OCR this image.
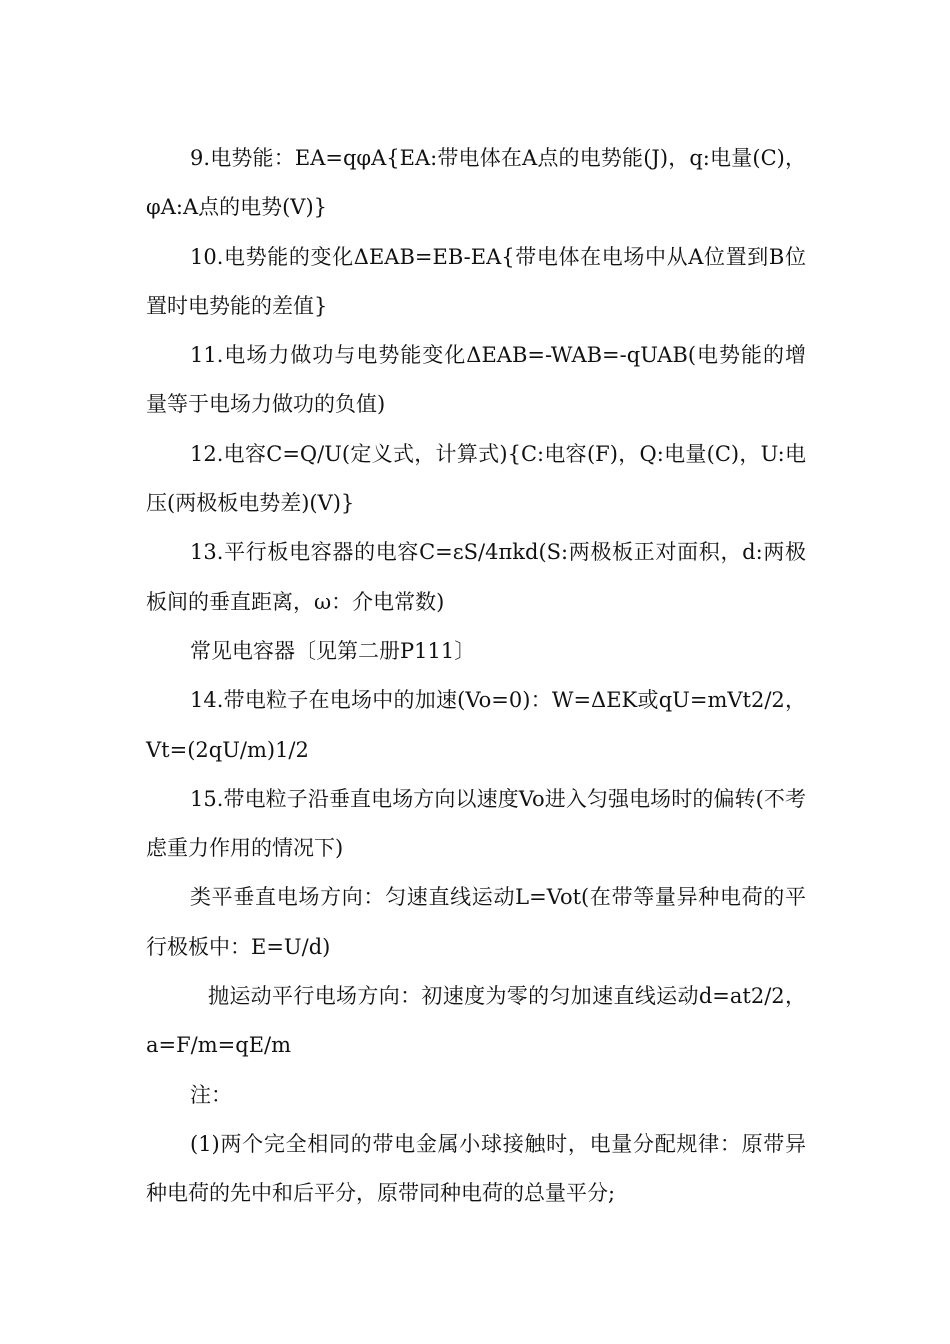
9.电势能：EA=qφA{EA:带电体在A点的电势能(J)，q:电量(C)，φA:A点的电势(V)}

10.电势能的变化ΔEAB=EB-EA{带电体在电场中从A位置到B位置时电势能的差值}

11.电场力做功与电势能变化ΔEAB=-WAB=-qUAB(电势能的增量等于电场力做功的负值)

12.电容C=Q/U(定义式，计算式){C:电容(F)，Q:电量(C)，U:电压(两极板电势差)(V)}

13.平行板电容器的电容C=εS/4πkd(S:两极板正对面积，d:两极板间的垂直距离，ω：介电常数)

常见电容器〔见第二册P111〕

14.带电粒子在电场中的加速(Vo=0)：W=ΔEK或qU=mVt2/2，Vt=(2qU/m)1/2

15.带电粒子沿垂直电场方向以速度Vo进入匀强电场时的偏转(不考虑重力作用的情况下)

类平垂直电场方向：匀速直线运动L=Vot(在带等量异种电荷的平行极板中：E=U/d)

抛运动平行电场方向：初速度为零的匀加速直线运动d=at2/2，a=F/m=qE/m

注：

(1)两个完全相同的带电金属小球接触时，电量分配规律：原带异种电荷的先中和后平分，原带同种电荷的总量平分;
